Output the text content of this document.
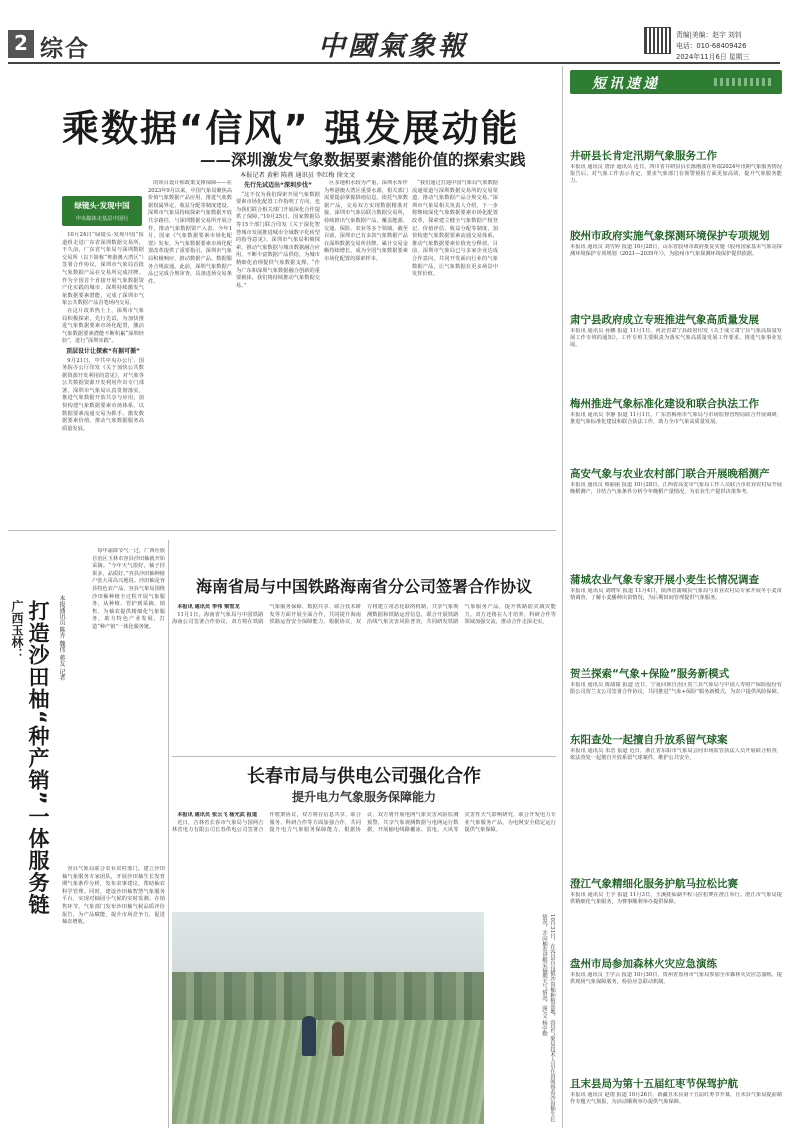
2 综合	中國氣象報	责编|美编：赵宇 刘钊
电话：010-68409426
2024年11月6日 星期三
乘数据“信风” 强发展动能
——深圳激发气象数据要素潜能价值的探索实践
本报记者 黄彬 陈燕 通讯员 李红梅 徐文文
绿镜头·发现中国
中央媒体走基层中国行

10月24日“绿镜头·发现中国”报道组走进广东省深圳数据交易所。不久前，广东省气象局与深圳数据交易所（以下简称“粤港澳大湾区”）签署合作协议，深圳市气象局首批气象数据产品在交易所完成挂牌。作为全国首个直接开展气象数据资产化实践的城市，深圳持续激发气象数据要素潜能，完成了深圳市气象公共数据产品首笔场内交易。

在这片改革热土上，深圳市气象局积极探索，先行先试，为加快推进气象数据要素市场化配置，激活气象数据要素潜能不断积累“深圳经验”，进行“深圳实践”。

顶层设计让探索“有据可循”

9月21日，中共中央办公厅、国务院办公厅印发《关于加快公共数据资源开发利用的意见》，对气象等公共数据资源开发利用作出专门部署。深圳市气象局认真贯彻落实，推进气象数据开放共享与应用，加快构建气象数据要素市场体系，以数据要素流通交易为抓手，激发数据要素价值，推动气象数据服务高质量发展。

的项目设计和政策支撑保障——在2023年9月以来，中国气象局聚焦高价值气象数据产品应用，推进气象数据权属界定、收益分配等制度建设。深圳市气象局持续探索气象数据开放共享路径，与深圳数据交易所开展合作，推动气象数据资产入表。今年1月，国家《气象数据要素市场化配置》发布，为气象数据要素市场化配置改革提供了重要指引。深圳市气象局积极响应，推动数据产品、数据服务合规流通。此前，深圳气象数据产品已完成合规审查，具备进场交易条件。

先行先试迈出“深圳步伐”

“这不仅为我们探索开展气象数据要素市场化配置工作指明了方向，也为我们联合相关部门开展深化合作提供了保障。”10月25日，国家数据局等15个部门联合印发《关于深化智慧城市发展推进城市全域数字化转型的指导意见》。深圳市气象局积极探索，推动气象数据与城市数据融合应用，不断丰富数据产品供给，为城市精细化治理提供气象数据支撑。“作为广东和深圳气象数据融合创新的重要载体，我们将持续推动气象数据交易。”

区多地积水较为严重。深圳水库作为粤港澳大湾区重要水源，相关部门需要提前掌握降雨信息。依托气象数据产品，交易双方实现数据精准对接。深圳市气象局联合数据交易所，持续推出气象数据产品，覆盖能源、交通、保险、农业等多个领域。截至目前，深圳市已有多款气象数据产品在深圳数据交易所挂牌，累计交易金额持续增长，成为全国气象数据要素市场化配置的探索样本。

“我们通过打通中国气象局气象数据流通渠道与深圳数据交易所的交易渠道，推动气象数据产品合规交易。”深圳市气象局相关负责人介绍，下一步将继续深化气象数据要素市场化配置改革，探索建立健全气象数据产权登记、价值评估、收益分配等制度，加快构建气象数据要素流通交易体系，推动气象数据要素价值充分释放。目前，深圳市气象局已与多家企业达成合作意向，共同开发面向行业的气象数据产品，让气象数据在更多场景中发挥价值。

广西玉林： 打造沙田柚“种产销”一体服务链	本报通讯员 陈卉 魏伟 蒋友 记者

每年霜降节气一过，广西壮族自治区玉林市容县沙田柚就开始采摘。“今年天气很好，柚子挂果多，品质好。”容县沙田柚种植户张大哥高兴地说。沙田柚是容县特色农产品，容县气象局围绕沙田柚种植全过程开展气象服务，从种植、管护到采摘、销售，为柚农提供精细化气象服务，助力特色产业发展，打造“种产销”一体化服务链。

容县气象局联合农业农村部门，建立沙田柚气象服务专家团队，开展沙田柚生长发育期气象条件分析，发布农事建议，帮助柚农科学管理。同时，建设沙田柚智慧气象服务平台，实现对柚园小气候的实时监测。在销售环节，气象部门发布沙田柚气候品质评价报告，为产品赋能，提升市场竞争力，促进柚农增收。

海南省局与中国铁路海南省分公司签署合作协议

本报讯 通讯员 李伟 梁雪龙

11月1日，海南省气象局与中国铁路海南公司签署合作协议，双方将在铁路气象服务保障、数据共享、联合技术研发等方面开展全面合作，共同提升海南铁路运营安全保障能力。根据协议，双方将建立常态化联络机制，共享气象观测数据和铁路运营信息，联合开展铁路沿线气象灾害风险普查，共同研发铁路气象服务产品，提升铁路防灾减灾能力。双方还将在人才培养、科研合作等领域加强交流，推动合作走深走实。

长春市局与供电公司强化合作
提升电力气象服务保障能力

本报讯 通讯员 张云飞 杨光武 报道

近日，吉林省长春市气象局与国网吉林省电力有限公司长春供电公司签署合作框架协议，双方将在信息共享、联合服务、科研合作等方面加强合作，共同提升电力气象服务保障能力。根据协议，双方将开展电网气象灾害风险监测预警，共享气象观测数据与电网运行数据，开展输电线路覆冰、雷电、大风等灾害性天气影响研究，联合开发电力专业气象服务产品，为电网安全稳定运行提供气象保障。

10月31日，在容县自良镇沙田柚种植基地，容县气象局技术人员在田间察看沙田柚生长情况，并向柚农讲解采摘期天气情况。图/文 杨中勤
短讯速递
井研县长肯定汛期气象服务工作
本报讯 通讯员 唐泽 通讯员 近日，四川省井研县县长陈刚波在听取2024年汛期气象服务情况报告后，对气象工作表示肯定，要求气象部门在预警预报方面更加高效，提升气象服务能力。
胶州市政府实施气象探测环境保护专项规划
本报讯 通讯员 刘雪婷 报道 10月28日，山东省胶州市政府批复实施《胶州国家基本气象站探测环境保护专项规划（2021—2035年）》，为胶州市气象探测环境保护提供依据。
肃宁县政府成立专班推进气象高质量发展
本报讯 通讯员 孙鹏 报道 11月1日，河北省肃宁县政府印发《关于成立肃宁县气象高质量发展工作专班的通知》。工作专班主要职责为落实气象高质量发展工作要求，推进气象事业发展。
梅州推进气象标准化建设和联合执法工作
本报讯 通讯员 李静 报道 11月1日，广东省梅州市气象局与市场监督管理局联合开展调研，推进气象标准化建设和联合执法工作，助力全市气象高质量发展。
高安气象与农业农村部门联合开展晚稻测产
本报讯 通讯员 蔡丽丽 报道 10月28日，江西省高安市气象局工作人员联合市农业农村局开展晚稻测产，并结合气象条件分析今年晚稻产量情况，为农业生产提供决策参考。
蒲城农业气象专家开展小麦生长情况调查
本报讯 通讯员 刘晓军 报道 11月4日，陕西省蒲城县气象局与农业农村局专家开展冬小麦苗情调查，了解小麦播种出苗情况，为后期田间管理提供气象服务。
贺兰探索“气象+保险”服务新模式
本报讯 通讯员 陈甜甜 报道 近日，宁夏回族自治区贺兰县气象局与中国人寿财产保险股份有限公司贺兰支公司签署合作协议，共同推进“气象+保险”服务新模式，为农户提供风险保障。
东阳查处一起擅自升放系留气球案
本报讯 通讯员 朱浩 报道 近日，浙江省东阳市气象局会同市场监管执法人员开展联合检查，依法查处一起擅自升放系留气球案件，维护公共安全。
澄江气象精细化服务护航马拉松比赛
本报讯 通讯员 王宇 报道 11月3日，玉溪抚仙湖半程马拉松赛在澄江举行。澄江市气象局提供精细化气象服务，为赛事顺利举办提供保障。
盘州市局参加森林火灾应急演练
本报讯 通讯员 王学云 报道 10月30日，贵州省盘州市气象局参加全市森林火灾应急演练，提供现场气象保障服务，检验应急联动机制。
且末县局为第十五届红枣节保驾护航
本报讯 通讯员 赵雨 报道 10月26日，新疆且末县第十五届红枣节开幕，且末县气象局提前制作专题天气预报，为活动顺利举办提供气象保障。
